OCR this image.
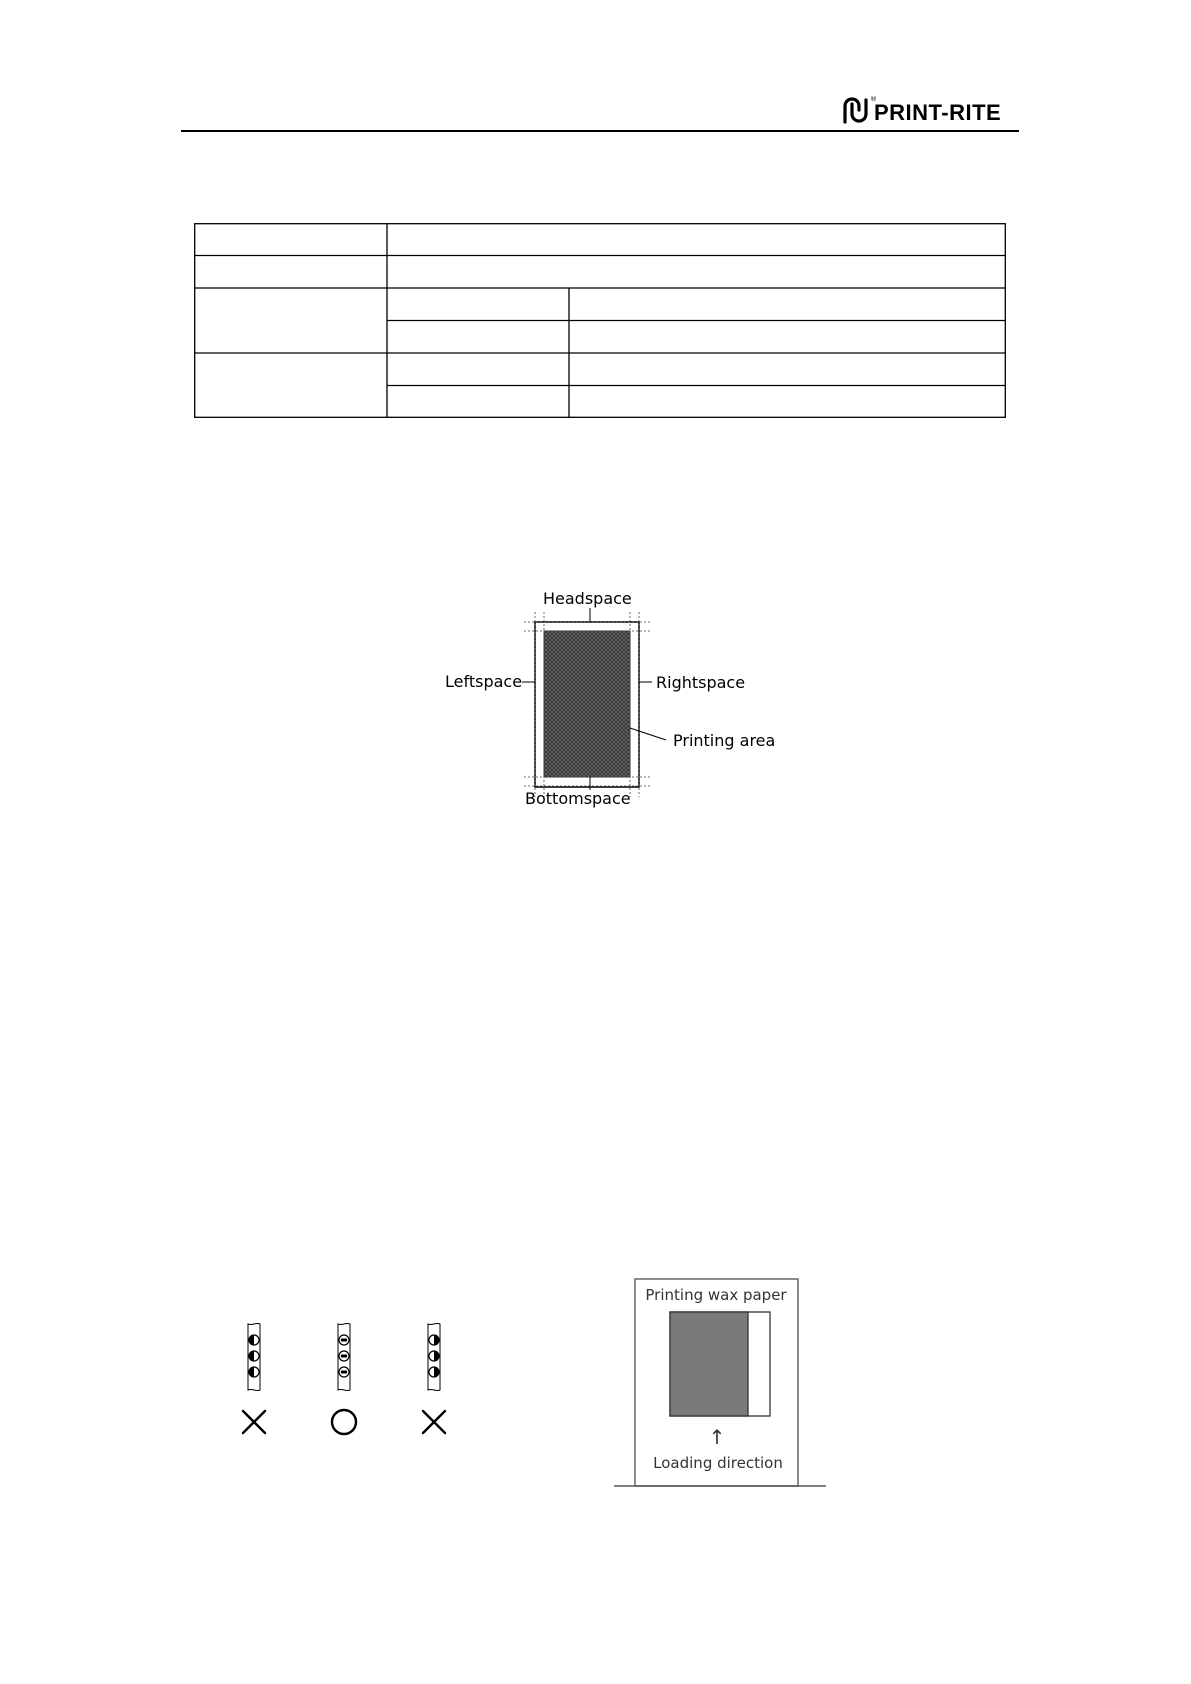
®
PRINT-RITE
Headspace
Leftspace	Rightspace
Printing area
Bottomspace
Printing wax paper
↑
Loading direction
